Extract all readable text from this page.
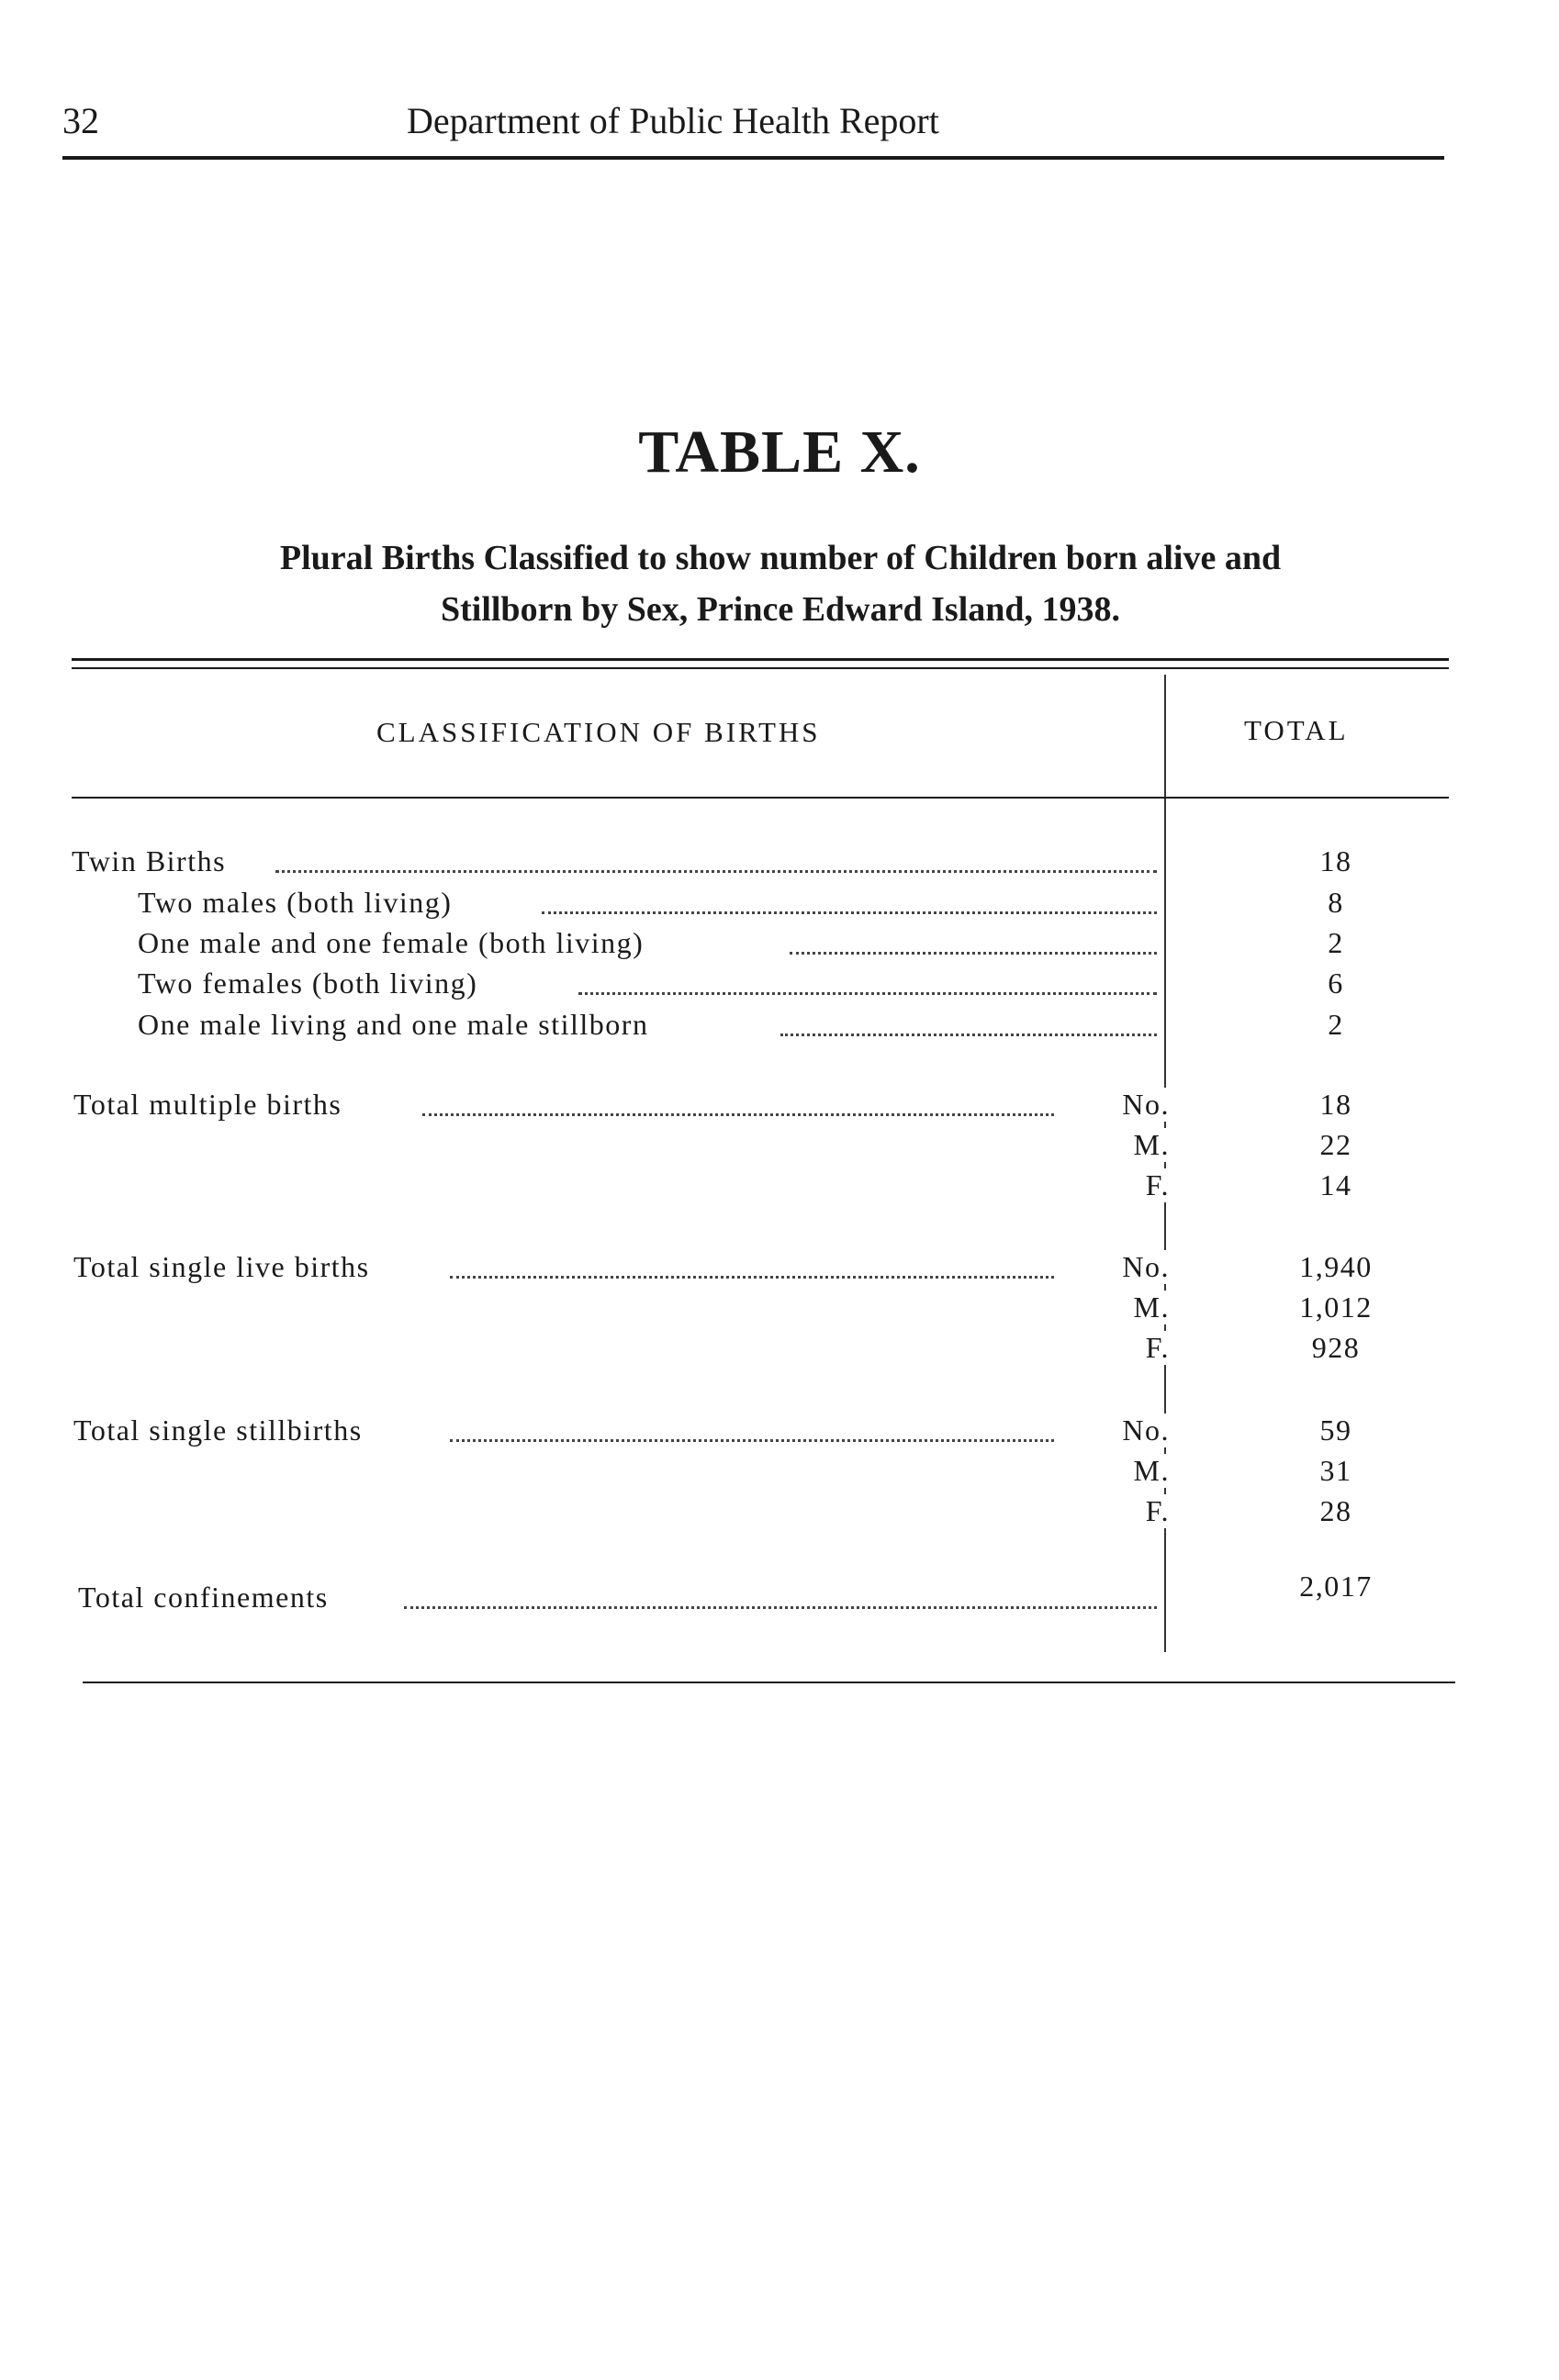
32	Department of Public Health Report
TABLE X.
Plural Births Classified to show number of Children born alive and
Stillborn by Sex, Prince Edward Island, 1938.
CLASSIFICATION OF BIRTHS	TOTAL
Twin Births	18
Two males (both living)	8
One male and one female (both living)	2
Two females (both living)	6
One male living and one male stillborn	2
Total multiple births	No.	18
M.	22
F.	14
Total single live births	No.	1,940
M.	1,012
F.	928
Total single stillbirths	No.	59
M.	31
F.	28
Total confinements	2,017
